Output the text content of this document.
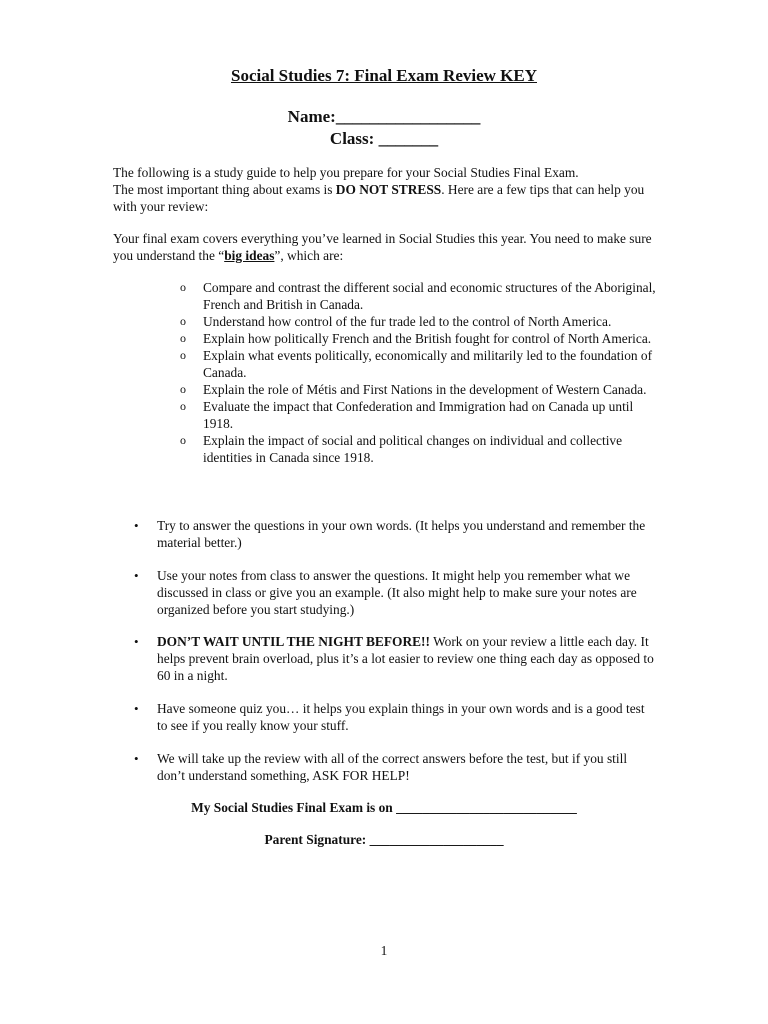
Social Studies 7: Final Exam Review KEY
Name:_________________
Class: _______

The following is a study guide to help you prepare for your Social Studies Final Exam.
The most important thing about exams is DO NOT STRESS. Here are a few tips that can help you with your review:

Your final exam covers everything you’ve learned in Social Studies this year. You need to make sure you understand the “big ideas”, which are:

o Compare and contrast the different social and economic structures of the Aboriginal, French and British in Canada.
o Understand how control of the fur trade led to the control of North America.
o Explain how politically French and the British fought for control of North America.
o Explain what events politically, economically and militarily led to the foundation of Canada.
o Explain the role of Métis and First Nations in the development of Western Canada.
o Evaluate the impact that Confederation and Immigration had on Canada up until 1918.
o Explain the impact of social and political changes on individual and collective identities in Canada since 1918.

• Try to answer the questions in your own words. (It helps you understand and remember the material better.)

• Use your notes from class to answer the questions. It might help you remember what we discussed in class or give you an example. (It also might help to make sure your notes are organized before you start studying.)

• DON’T WAIT UNTIL THE NIGHT BEFORE!! Work on your review a little each day. It helps prevent brain overload, plus it’s a lot easier to review one thing each day as opposed to 60 in a night.

• Have someone quiz you… it helps you explain things in your own words and is a good test to see if you really know your stuff.

• We will take up the review with all of the correct answers before the test, but if you still don’t understand something, ASK FOR HELP!

My Social Studies Final Exam is on ___________________________
Parent Signature: ____________________
1
